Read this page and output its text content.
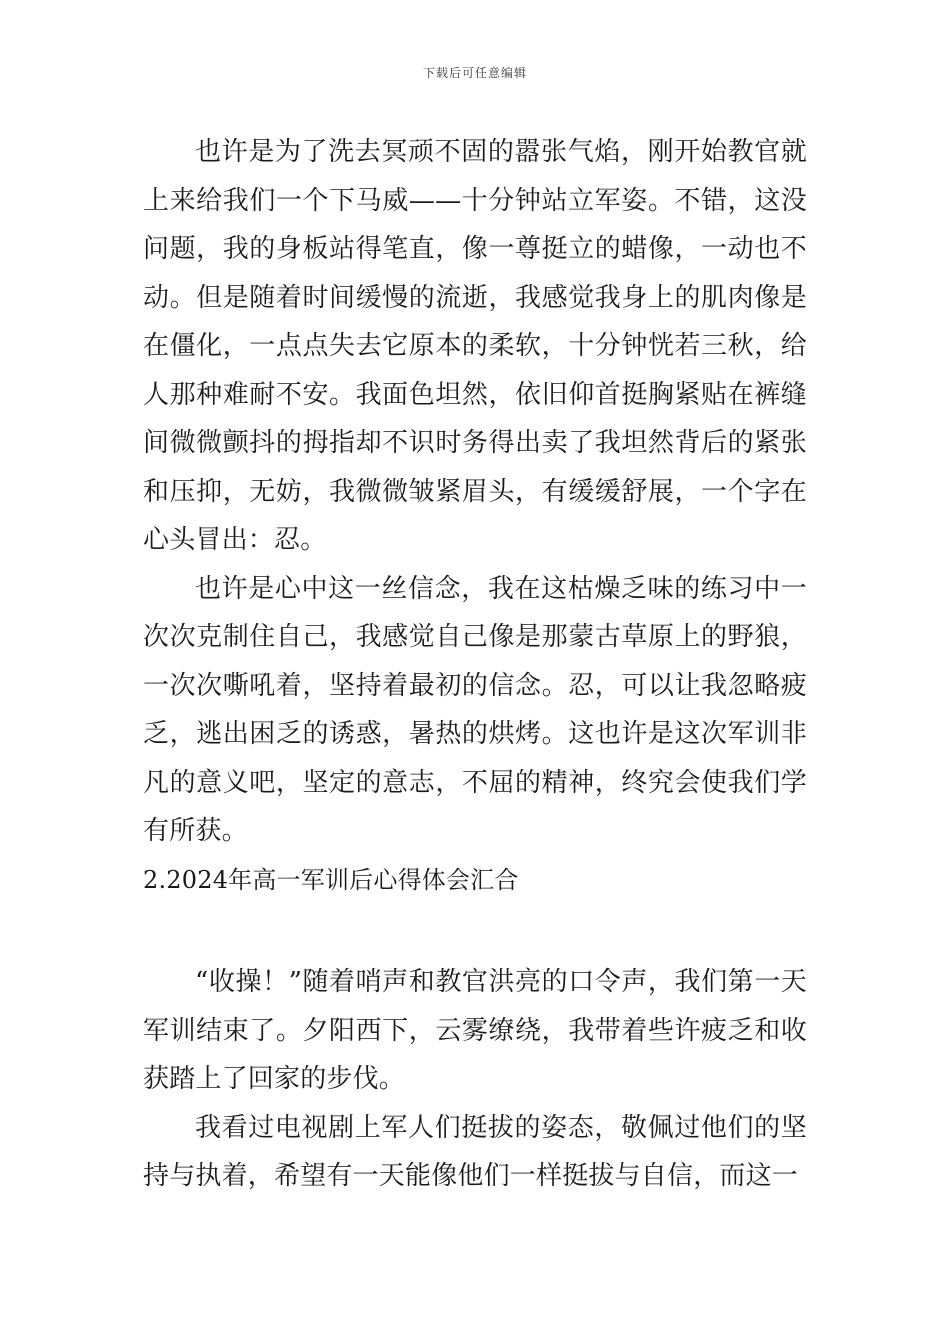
下载后可任意编辑

也许是为了洗去冥顽不固的嚣张气焰，刚开始教官就上来给我们一个下马威——十分钟站立军姿。不错，这没问题，我的身板站得笔直，像一尊挺立的蜡像，一动也不动。但是随着时间缓慢的流逝，我感觉我身上的肌肉像是在僵化，一点点失去它原本的柔软，十分钟恍若三秋，给人那种难耐不安。我面色坦然，依旧仰首挺胸紧贴在裤缝间微微颤抖的拇指却不识时务得出卖了我坦然背后的紧张和压抑，无妨，我微微皱紧眉头，有缓缓舒展，一个字在心头冒出：忍。

也许是心中这一丝信念，我在这枯燥乏味的练习中一次次克制住自己，我感觉自己像是那蒙古草原上的野狼，一次次嘶吼着，坚持着最初的信念。忍，可以让我忽略疲乏，逃出困乏的诱惑，暑热的烘烤。这也许是这次军训非凡的意义吧，坚定的意志，不屈的精神，终究会使我们学有所获。

2.2024年高一军训后心得体会汇合

“收操！”随着哨声和教官洪亮的口令声，我们第一天军训结束了。夕阳西下，云雾缭绕，我带着些许疲乏和收获踏上了回家的步伐。

我看过电视剧上军人们挺拔的姿态，敬佩过他们的坚持与执着，希望有一天能像他们一样挺拔与自信，而这一
